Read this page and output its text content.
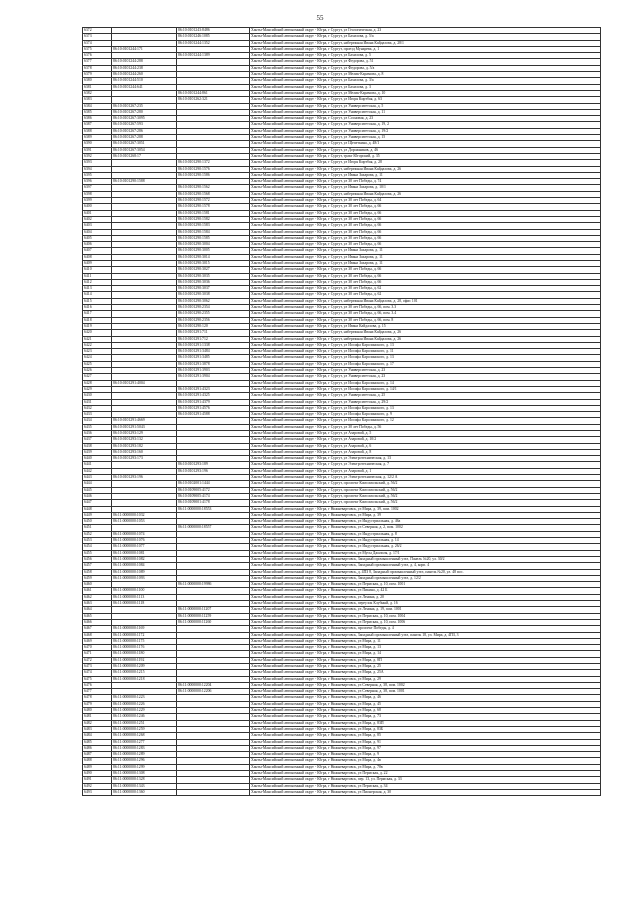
55
6372		86:10:0101243:8486	Ханты-Мансийский автономный округ - Югра, г Сургут, ул Геологическая, д. 23
6373		86:10:0101246:1085	Ханты-Мансийский автономный округ - Югра, г Сургут, ул Бахилова, д. 5/а
6374		86:10:0101244:1352	Ханты-Мансийский автономный округ - Югра, г Сургут, набережная Ивана Кайдалова, д. 28/1
6375	86:10:0101244:171		Ханты-Мансийский автономный округ - Югра, г Сургут, проезд Мунарева, д. 1
6376		86:10:0101244:1389	Ханты-Мансийский автономный округ - Югра, г Сургут, ул Бахилова, д. 5
6377	86:10:0101244:288		Ханты-Мансийский автономный округ - Югра, г Сургут, ул Федорова, д. 51
6378	86:10:0101244:238		Ханты-Мансийский автономный округ - Югра, г Сургут, ул Федорова, д. 5/а
6379	86:10:0101244:260		Ханты-Мансийский автономный округ - Югра, г Сургут, ул Мелик-Карамова, д. 8
6380	86:10:0101244:510		Ханты-Мансийский автономный округ - Югра, г Сургут, ул Бахилова, д. 3/а
6381	86:10:0101244:641		Ханты-Мансийский автономный округ - Югра, г Сургут, ул Бахилова, д. 3
6382		86:10:0101244:861	Ханты-Мансийский автономный округ - Югра, г Сургут, ул Мелик-Карамова, д. 10
6383		86:10:0101262:321	Ханты-Мансийский автономный округ - Югра, г Сургут, ул Игоря Киртбая, д. 63
6384	86:10:0101267:235		Ханты-Мансийский автономный округ - Югра, г Сургут, ул Университетская, д. 5
6385	86:10:0101267:280		Ханты-Мансийский автономный округ - Югра, г Сургут, ул Университетская, д. 11
6386	86:10:0101267:3095		Ханты-Мансийский автономный округ - Югра, г Сургут, ул Сосновая, д. 23
6387	86:10:0101267:593		Ханты-Мансийский автономный округ - Югра, г Сургут, ул Университетская, д. 19, 2
6388	86:10:0101267:286		Ханты-Мансийский автономный округ - Югра, г Сургут, ул Университетская, д. 19/2
6389	86:10:0101267:288		Ханты-Мансийский автономный округ - Югра, г Сургут, ул Университетская, д. 15
6390	86:10:0101267:3051		Ханты-Мансийский автономный округ - Югра, г Сургут, ул Щепеткина, д. 48/1
6391	86:10:0101267:3054		Ханты-Мансийский автономный округ - Югра, г Сургут, ул Дорожников, д. 46
6392	86:10:0101268:17		Ханты-Мансийский автономный округ - Югра, г Сургут, тракт Югорский, д. 35
6393		86:10:0101290:1372	Ханты-Мансийский автономный округ - Югра, г Сургут, ул Игоря Киртбая, д. 28
6394		86:10:0101290:1576	Ханты-Мансийский автономный округ - Югра, г Сургут, набережная Ивана Кайдалова, д. 26
6395		86:10:0101290:1586	Ханты-Мансийский автономный округ - Югра, г Сургут, ул Ивана Захарова, д. 11
6396	86:10:0101290:1588		Ханты-Мансийский автономный округ - Югра, г Сургут, ул 30 лет Победы, д. 74
6397		86:10:0101290:1562	Ханты-Мансийский автономный округ - Югра, г Сургут, ул Ивана Захарова, д. 10/1
6398		86:10:0101290:1568	Ханты-Мансийский автономный округ - Югра, г Сургут, набережная Ивана Кайдалова, д. 26
6399		86:10:0101290:1572	Ханты-Мансийский автономный округ - Югра, г Сургут, ул 30 лет Победы, д. 64
6400		86:10:0101290:1578	Ханты-Мансийский автономный округ - Югра, г Сургут, ул 30 лет Победы, д. 66
6401		86:10:0101290:1581	Ханты-Мансийский автономный округ - Югра, г Сургут, ул 30 лет Победы, д. 66
6402		86:10:0101290:1582	Ханты-Мансийский автономный округ - Югра, г Сургут, ул 30 лет Победы, д. 66
6403		86:10:0101290:1583	Ханты-Мансийский автономный округ - Югра, г Сургут, ул 30 лет Победы, д. 66
6404		86:10:0101290:1584	Ханты-Мансийский автономный округ - Югра, г Сургут, ул 30 лет Победы, д. 66
6405		86:10:0101290:1585	Ханты-Мансийский автономный округ - Югра, г Сургут, ул 30 лет Победы, д. 66
6406		86:10:0101290:3004	Ханты-Мансийский автономный округ - Югра, г Сургут, ул 30 лет Победы, д. 66
6407		86:10:0101290:3005	Ханты-Мансийский автономный округ - Югра, г Сургут, ул Ивана Захарова, д. 11
6408		86:10:0101290:3014	Ханты-Мансийский автономный округ - Югра, г Сургут, ул Ивана Захарова, д. 11
6409		86:10:0101290:3015	Ханты-Мансийский автономный округ - Югра, г Сургут, ул Ивана Захарова, д. 11
6410		86:10:0101290:3027	Ханты-Мансийский автономный округ - Югра, г Сургут, ул 30 лет Победы, д. 66
6411		86:10:0101290:3035	Ханты-Мансийский автономный округ - Югра, г Сургут, ул 30 лет Победы, д. 66
6412		86:10:0101290:3036	Ханты-Мансийский автономный округ - Югра, г Сургут, ул 30 лет Победы, д. 66
6413		86:10:0101290:3037	Ханты-Мансийский автономный округ - Югра, г Сургут, ул 30 лет Победы, д. 62
6414		86:10:0101290:3038	Ханты-Мансийский автономный округ - Югра, г Сургут, ул 30 лет Победы, д. 62
6415		86:10:0101290:3062	Ханты-Мансийский автономный округ - Югра, г Сургут, набережная Ивана Кайдалова, д. 28, офис 101
6416		86:10:0101290:2354	Ханты-Мансийский автономный округ - Югра, г Сургут, ул 30 лет Победы, д. 66, пом. 3.3
6417		86:10:0101290:2355	Ханты-Мансийский автономный округ - Югра, г Сургут, ул 30 лет Победы, д. 66, пом. 3.4
6418		86:10:0101290:2356	Ханты-Мансийский автономный округ - Югра, г Сургут, ул 30 лет Победы, д. 66, пом. 8
6419		86:10:0101290:120	Ханты-Мансийский автономный округ - Югра, г Сургут, ул Ивана Кайдалова, д. 15
6420		86:10:0101291:711	Ханты-Мансийский автономный округ - Югра, г Сургут, набережная Ивана Кайдалова, д. 26
6421		86:10:0101291:712	Ханты-Мансийский автономный округ - Югра, г Сургут, набережная Ивана Кайдалова, д. 26
6422		86:10:0101291:1338	Ханты-Мансийский автономный округ - Югра, г Сургут, ул Иосифа Каролинского, д. 13
6423		86:10:0101291:3484	Ханты-Мансийский автономный округ - Югра, г Сургут, ул Иосифа Каролинского, д. 11
6424		86:10:0101291:3485	Ханты-Мансийский автономный округ - Югра, г Сургут, ул Иосифа Каролинского, д. 13
6425		86:10:0101291:3878	Ханты-Мансийский автономный округ - Югра, г Сургут, ул Иосифа Каролинского, д. 17
6426		86:10:0101291:3903	Ханты-Мансийский автономный округ - Югра, г Сургут, ул Университетская, д. 23
6427		86:10:0101291:3904	Ханты-Мансийский автономный округ - Югра, г Сургут, ул Университетская, д. 23
6428	86:10:0101291:4004		Ханты-Мансийский автономный округ - Югра, г Сургут, ул Иосифа Каролинского, д. 14
6429		86:10:0101291:4323	Ханты-Мансийский автономный округ - Югра, г Сургут, ул Иосифа Каролинского, д. 14/1
6430		86:10:0101291:4325	Ханты-Мансийский автономный округ - Югра, г Сургут, ул Университетская, д. 25
6431		86:10:0101291:4379	Ханты-Мансийский автономный округ - Югра, г Сургут, ул Университетская, д. 29/2
6432		86:10:0101291:4576	Ханты-Мансийский автономный округ - Югра, г Сургут, ул Иосифа Каролинского, д. 13
6433		86:10:0101291:4588	Ханты-Мансийский автономный округ - Югра, г Сургут, ул Иосифа Каролинского, д. 9
6434	86:10:0101291:4669		Ханты-Мансийский автономный округ - Югра, г Сургут, ул Иосифа Каролинского, д. 12
6435	86:10:0101291:5043		Ханты-Мансийский автономный округ - Югра, г Сургут, ул 30 лет Победы, д. 56
6436	86:10:0101293:129		Ханты-Мансийский автономный округ - Югра, г Сургут, ул Азаровой, д. 5
6437	86:10:0101293:132		Ханты-Мансийский автономный округ - Югра, г Сургут, ул Азаровой, д. 10/2
6438	86:10:0101293:182		Ханты-Мансийский автономный округ - Югра, г Сургут, ул Азаровой, д. 6
6439	86:10:0101293:160		Ханты-Мансийский автономный округ - Югра, г Сургут, ул Азаровой, д. 8
6440	86:10:0101293:173		Ханты-Мансийский автономный округ - Югра, г Сургут, ул Электротехническая, д. 13
6441		86:10:0101293:189	Ханты-Мансийский автономный округ - Югра, г Сургут, ул Электротехническая, д. 7
6442		86:10:0101293:196	Ханты-Мансийский автономный округ - Югра, г Сургут, ул Азаровой, д. 1
6443	86:10:0101293:196		Ханты-Мансийский автономный округ - Югра, г Сургут, ул Электротехническая, д. 12/2 А
6444		86:10:0102001:1444	Ханты-Мансийский автономный округ - Югра, г Сургут, проспект Комсомольский, д. 56/2
6445		86:10:0109005:4172	Ханты-Мансийский автономный округ - Югра, г Сургут, проспект Комсомольский, д. 56/2
6446		86:10:0109005:4174	Ханты-Мансийский автономный округ - Югра, г Сургут, проспект Комсомольский, д. 56/2
6447		86:10:0109001:4178	Ханты-Мансийский автономный округ - Югра, г Сургут, проспект Комсомольский, д. 56/2
6448		86:11:0000000:18553	Ханты-Мансийский автономный округ - Югра, г Нижневартовск, ул Мира, д. 39, пом. 1002
6449	86:11:0000000:1032		Ханты-Мансийский автономный округ - Югра, г Нижневартовск, ул Мира, д. 39
6450	86:11:0000000:1053		Ханты-Мансийский автономный округ - Югра, г Нижневартовск, ул Индустриальная, д. 46а
6451		86:11:0000000:18557	Ханты-Мансийский автономный округ - Югра, г Нижневартовск, ул Северная, д. 2, пом. 1002
6452	86:11:0000000:1074		Ханты-Мансийский автономный округ - Югра, г Нижневартовск, ул Индустриальная, д. 8
6453	86:11:0000000:1076		Ханты-Мансийский автономный округ - Югра, г Нижневартовск, ул Индустриальная, д. 14
6454	86:11:0000000:1077		Ханты-Мансийский автономный округ - Югра, г Нижневартовск, ул Индустриальная, д. 26/2
6455	86:11:0000000:1081		Ханты-Мансийский автономный округ - Югра, г Нижневартовск, ул Мусы Джалиля, д. 17/1
6456	86:11:0000000:1082		Ханты-Мансийский автономный округ - Югра, г Нижневартовск, Западный промышленный узел, Панель №20, ул. 30/2
6457	86:11:0000000:1084		Ханты-Мансийский автономный округ - Югра, г Нижневартовск, Западный промышленный узел, д. 4, корп. 4
6458	86:11:0000000:1089		Ханты-Мансийский автономный округ - Югра, г Нижневартовск, д. 4ПЗ 8, Западный промышленный узел, панель №20, ул. 48 пос.
6459	86:11:0000000:1093		Ханты-Мансийский автономный округ - Югра, г Нижневартовск, Западный промышленный узел, д. 12/2
6460		86:11:0000000:19986	Ханты-Мансийский автономный округ - Югра, г Нижневартовск, ул Пермская, д. 10, пом. 1001
6461	86:11:0000000:1100		Ханты-Мансийский автономный округ - Югра, г Нижневартовск, ул Пикина, д. 42 Б
6462	86:11:0000000:1113		Ханты-Мансийский автономный округ - Югра, г Нижневартовск, ул Ленина, д. 20
6463	86:11:0000000:1118		Ханты-Мансийский автономный округ - Югра, г Нижневартовск, переулок Клубный, д. 16
6464		86:11:0000000:11207	Ханты-Мансийский автономный округ - Югра, г Нижневартовск, ул Ленина, д. 19, пом. 1001
6465		86:11:0000000:11259	Ханты-Мансийский автономный округ - Югра, г Нижневартовск, ул Пермская, д. 10, пом. 1004
6466		86:11:0000000:11260	Ханты-Мансийский автономный округ - Югра, г Нижневартовск, ул Пермская, д. 10, пом. 1006
6467	86:11:0000000:1169		Ханты-Мансийский автономный округ - Югра, г Нижневартовск, проспект Победы, д. 4
6468	86:11:0000000:1172		Ханты-Мансийский автономный округ - Югра, г Нижневартовск, Западный промышленный узел, панель 18, ул. Мира, д. 4ПЗ, 3
6469	86:11:0000000:1175		Ханты-Мансийский автономный округ - Югра, г Нижневартовск, ул Мира, д. 11
6470	86:11:0000000:1176		Ханты-Мансийский автономный округ - Югра, г Нижневартовск, ул Мира, д. 13
6471	86:11:0000000:1180		Ханты-Мансийский автономный округ - Югра, г Нижневартовск, ул Мира, д. 14
6472	86:11:0000000:1192		Ханты-Мансийский автономный округ - Югра, г Нижневартовск, ул Мира, д. 8П
6473	86:11:0000000:1209		Ханты-Мансийский автономный округ - Югра, г Нижневартовск, ул Мира, д. 25
6474	86:11:0000000:1215		Ханты-Мансийский автономный округ - Югра, г Нижневартовск, ул Мира, д. 25А
6475	86:11:0000000:1218		Ханты-Мансийский автономный округ - Югра, г Нижневартовск, ул Мира, д. 29
6476		86:11:0000000:12204	Ханты-Мансийский автономный округ - Югра, г Нижневартовск, ул Северная, д. 38, пом. 1002
6477		86:11:0000000:12206	Ханты-Мансийский автономный округ - Югра, г Нижневартовск, ул Северная, д. 38, пом. 1001
6478	86:11:0000000:1223		Ханты-Мансийский автономный округ - Югра, г Нижневартовск, ул Мира, д. 46
6479	86:11:0000000:1226		Ханты-Мансийский автономный округ - Югра, г Нижневартовск, ул Мира, д. 45
6480	86:11:0000000:1229		Ханты-Мансийский автономный округ - Югра, г Нижневартовск, ул Мира, д. 68
6481	86:11:0000000:1246		Ханты-Мансийский автономный округ - Югра, г Нижневартовск, ул Мира, д. 73
6482	86:11:0000000:1251		Ханты-Мансийский автономный округ - Югра, г Нижневартовск, ул Мира, д. 83П
6483	86:11:0000000:1259		Ханты-Мансийский автономный округ - Югра, г Нижневартовск, ул Мира, д. 83Б
6484	86:11:0000000:1268		Ханты-Мансийский автономный округ - Югра, г Нижневартовск, ул Мира, д. 85
6485	86:11:0000000:1277		Ханты-Мансийский автономный округ - Югра, г Нижневартовск, ул Мира, д. 91
6486	86:11:0000000:1283		Ханты-Мансийский автономный округ - Югра, г Нижневартовск, ул Мира, д. 97
6487	86:11:0000000:1289		Ханты-Мансийский автономный округ - Югра, г Нижневартовск, ул Мира, д. 9
6488	86:11:0000000:1296		Ханты-Мансийский автономный округ - Югра, г Нижневартовск, ул Мира, д. 4в
6489	86:11:0000000:1299		Ханты-Мансийский автономный округ - Югра, г Нижневартовск, ул Мира, д. 78в
6490	86:11:0000000:1308		Ханты-Мансийский автономный округ - Югра, г Нижневартовск, ул Пермская, д. 22
6491	86:11:0000000:1328		Ханты-Мансийский автономный округ - Югра, г Нижневартовск, пер. 13, ул. Пермская, д. 33
6492	86:11:0000000:1343		Ханты-Мансийский автономный округ - Югра, г Нижневартовск, ул Пермская, д. 34
6493	86:11:0000000:1360		Ханты-Мансийский автономный округ - Югра, г Нижневартовск, ул Пионерская, д. 30
